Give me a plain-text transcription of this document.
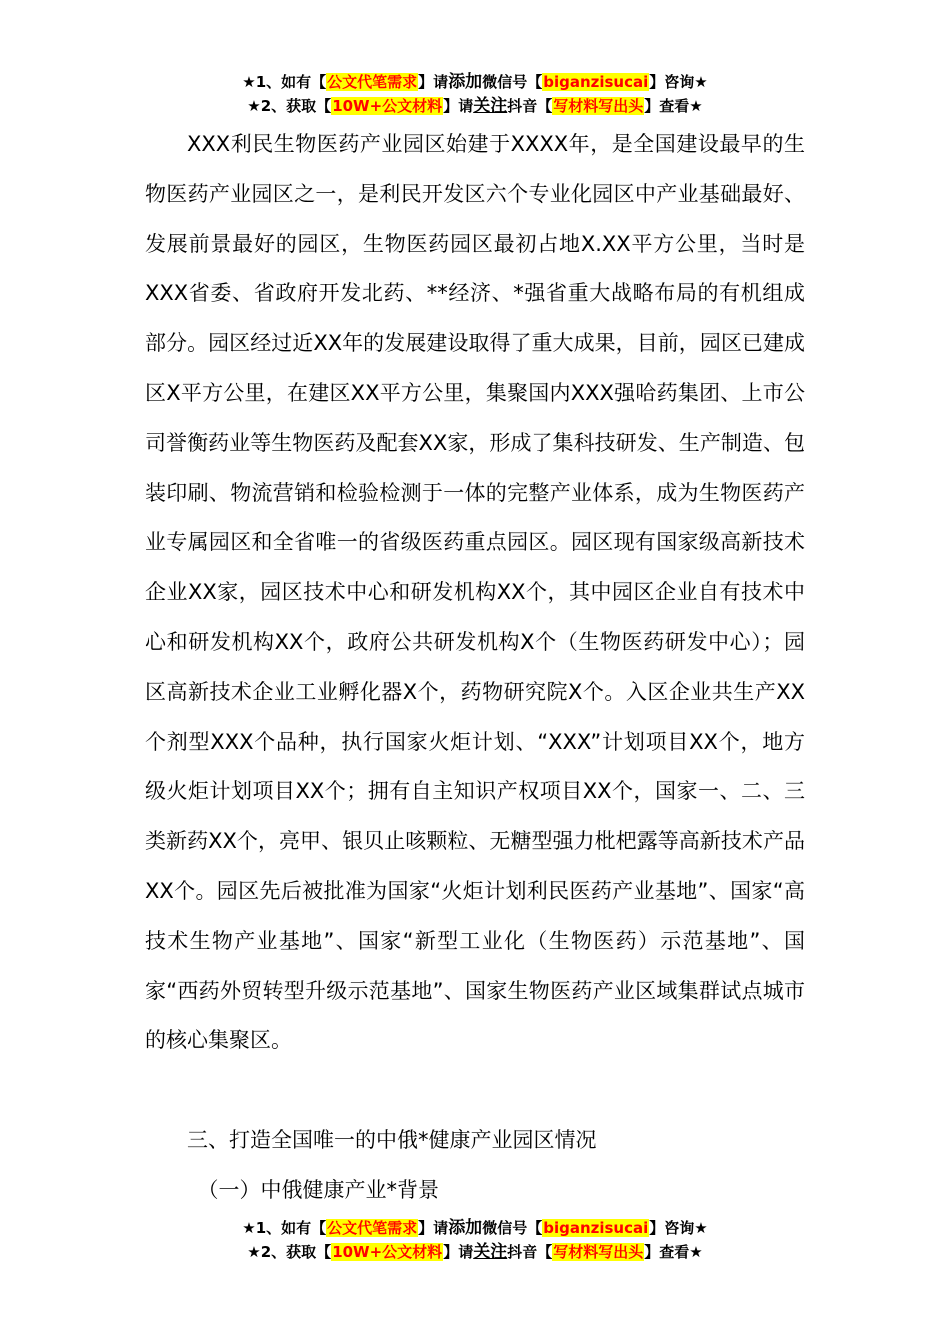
★1、如有【公文代笔需求】请添加微信号【biganzisucai】咨询★
★2、获取【10W+公文材料】请关注抖音【写材料写出头】查看★

XXX利民生物医药产业园区始建于XXXX年，是全国建设最早的生物医药产业园区之一，是利民开发区六个专业化园区中产业基础最好、发展前景最好的园区，生物医药园区最初占地X.XX平方公里，当时是XXX省委、省政府开发北药、**经济、*强省重大战略布局的有机组成部分。园区经过近XX年的发展建设取得了重大成果，目前，园区已建成区X平方公里，在建区XX平方公里，集聚国内XXX强哈药集团、上市公司誉衡药业等生物医药及配套XX家，形成了集科技研发、生产制造、包装印刷、物流营销和检验检测于一体的完整产业体系，成为生物医药产业专属园区和全省唯一的省级医药重点园区。园区现有国家级高新技术企业XX家，园区技术中心和研发机构XX个，其中园区企业自有技术中心和研发机构XX个，政府公共研发机构X个（生物医药研发中心）；园区高新技术企业工业孵化器X个，药物研究院X个。入区企业共生产XX个剂型XXX个品种，执行国家火炬计划、“XXX”计划项目XX个，地方级火炬计划项目XX个；拥有自主知识产权项目XX个，国家一、二、三类新药XX个，亮甲、银贝止咳颗粒、无糖型强力枇杷露等高新技术产品XX个。园区先后被批准为国家“火炬计划利民医药产业基地”、国家“高技术生物产业基地”、国家“新型工业化（生物医药）示范基地”、国家“西药外贸转型升级示范基地”、国家生物医药产业区域集群试点城市的核心集聚区。

三、打造全国唯一的中俄*健康产业园区情况

（一）中俄健康产业*背景

★1、如有【公文代笔需求】请添加微信号【biganzisucai】咨询★
★2、获取【10W+公文材料】请关注抖音【写材料写出头】查看★
